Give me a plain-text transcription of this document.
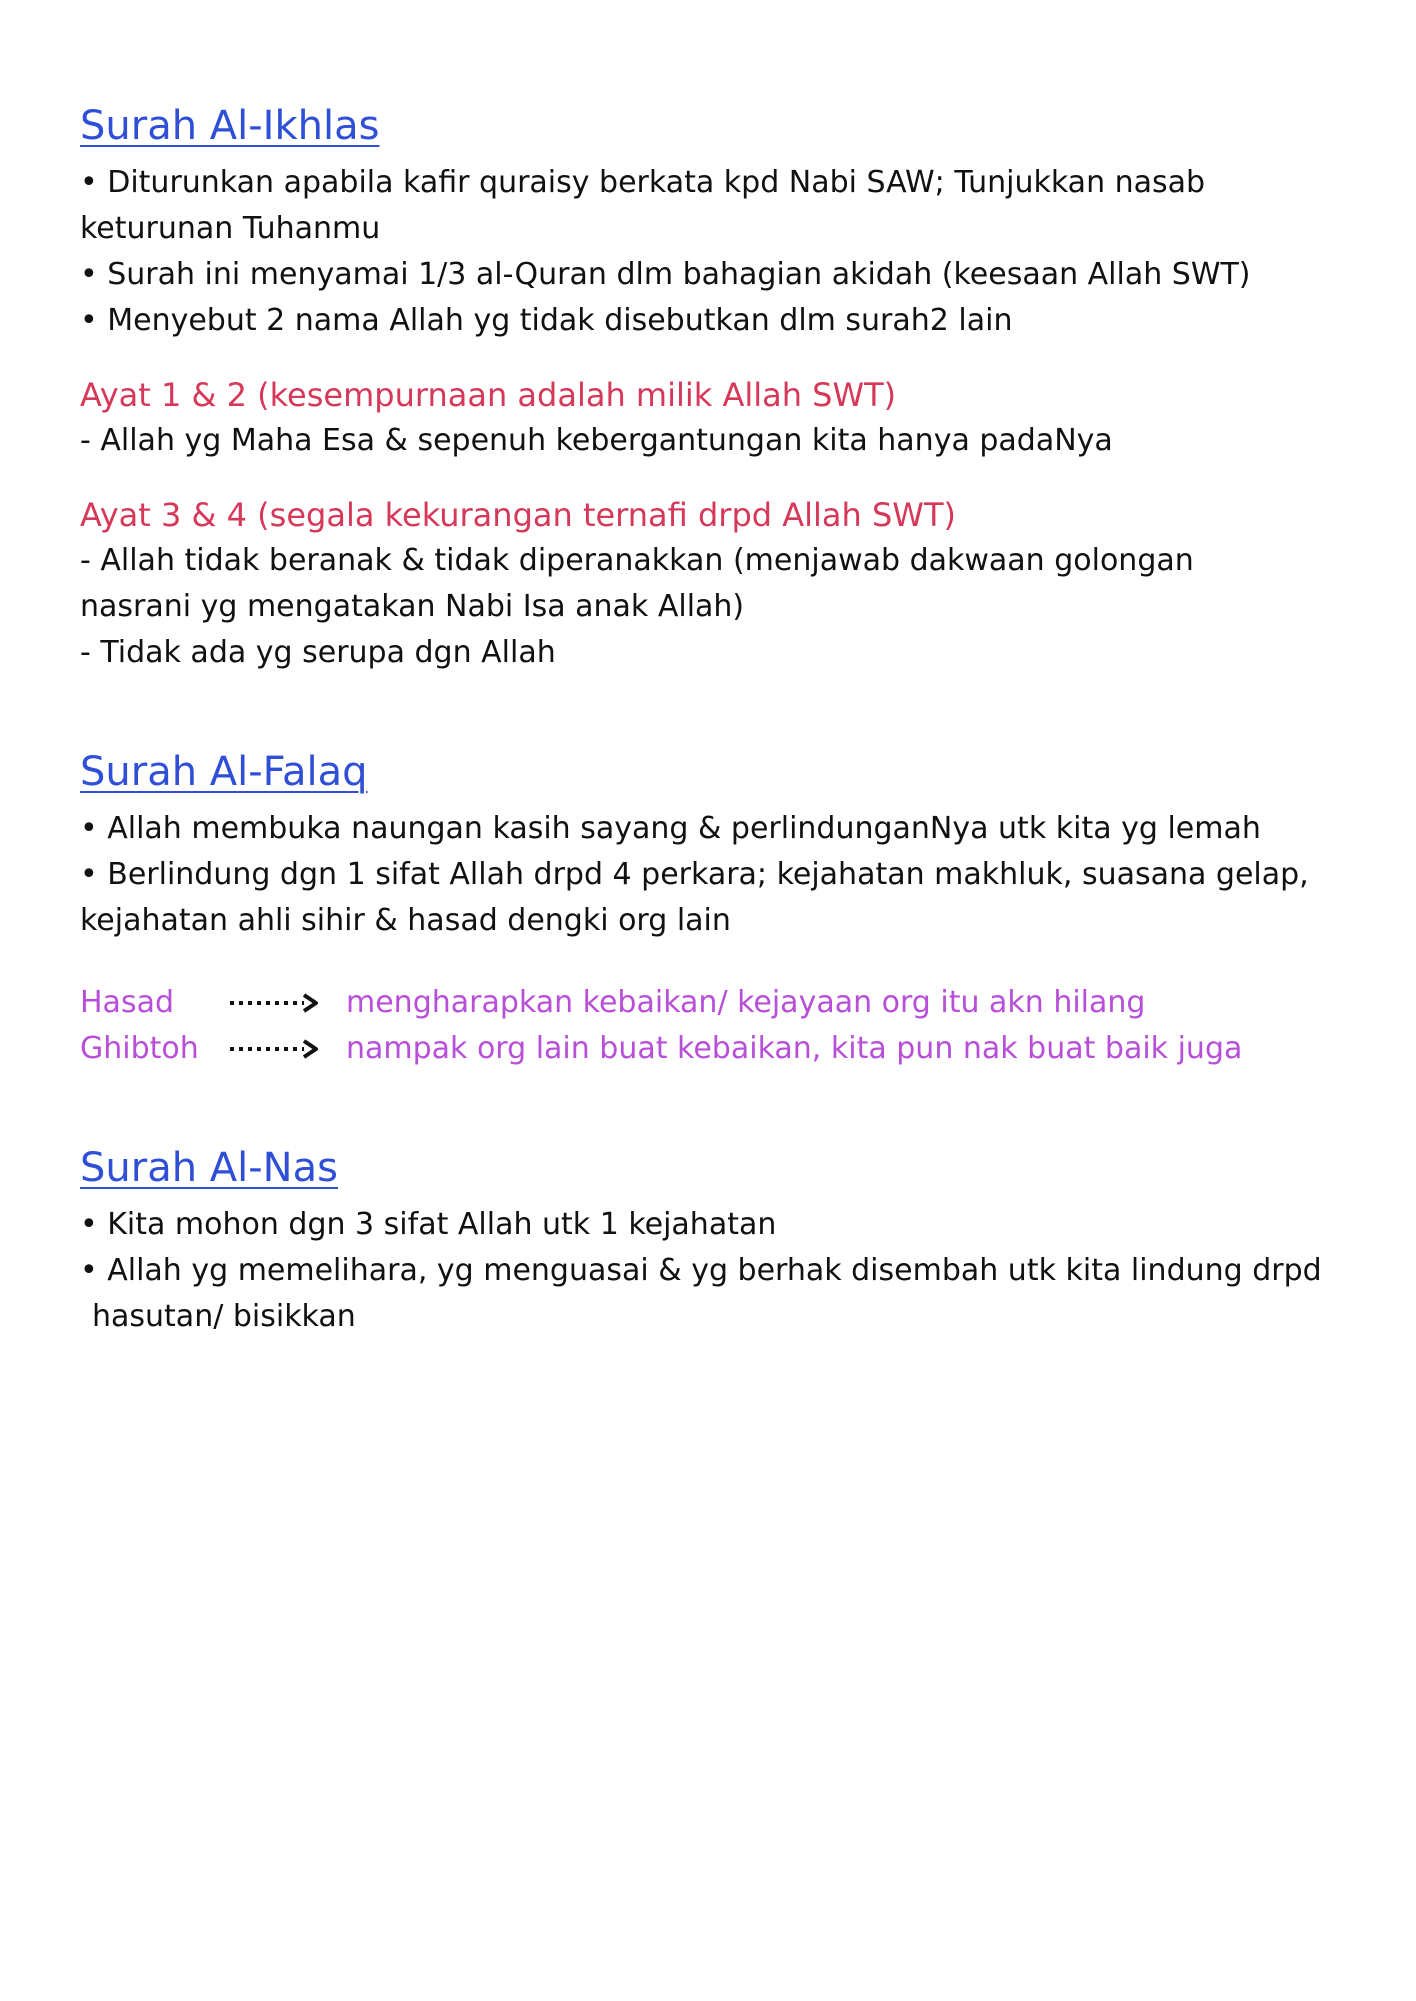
Surah Al-Ikhlas

• Diturunkan apabila kafir quraisy berkata kpd Nabi SAW; Tunjukkan nasab keturunan Tuhanmu

• Surah ini menyamai 1/3 al-Quran dlm bahagian akidah (keesaan Allah SWT)

• Menyebut 2 nama Allah yg tidak disebutkan dlm surah2 lain

Ayat 1 & 2 (kesempurnaan adalah milik Allah SWT)

- Allah yg Maha Esa & sepenuh kebergantungan kita hanya padaNya

Ayat 3 & 4 (segala kekurangan ternafi drpd Allah SWT)

- Allah tidak beranak & tidak diperanakkan (menjawab dakwaan golongan nasrani yg mengatakan Nabi Isa anak Allah)

- Tidak ada yg serupa dgn Allah

Surah Al-Falaq

• Allah membuka naungan kasih sayang & perlindunganNya utk kita yg lemah

• Berlindung dgn 1 sifat Allah drpd 4 perkara; kejahatan makhluk, suasana gelap, kejahatan ahli sihir & hasad dengki org lain

Hasad	mengharapkan kebaikan/ kejayaan org itu akn hilang
Ghibtoh	nampak org lain buat kebaikan, kita pun nak buat baik juga
Surah Al-Nas

• Kita mohon dgn 3 sifat Allah utk 1 kejahatan

• Allah yg memelihara, yg menguasai & yg berhak disembah utk kita lindung drpd

hasutan/ bisikkan
